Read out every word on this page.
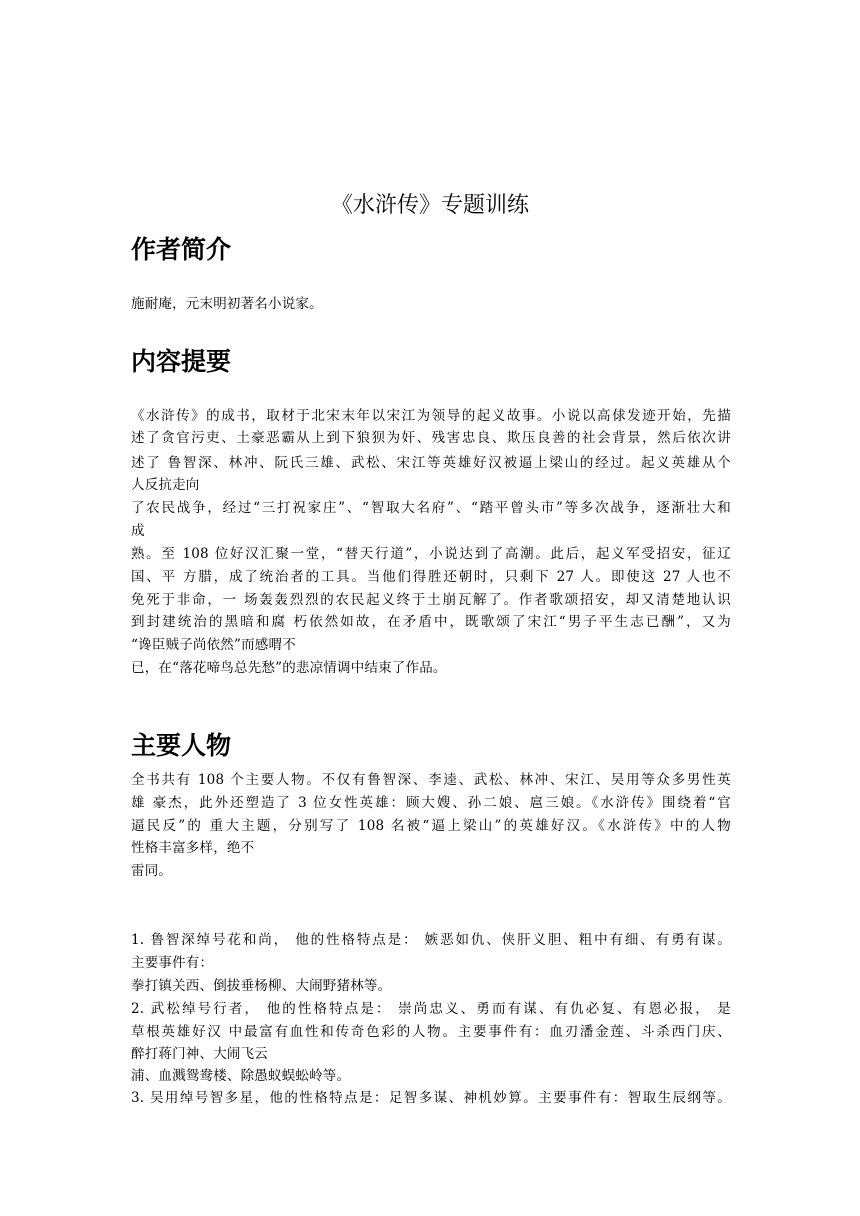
《水浒传》专题训练
作者简介

施耐庵，元末明初著名小说家。

内容提要

《水浒传》的成书，取材于北宋末年以宋江为领导的起义故事。小说以高俅发迹开始，先描

述了贪官污吏、土豪恶霸从上到下狼狈为奸、残害忠良、欺压良善的社会背景，然后依次讲

述了 鲁智深、林冲、阮氏三雄、武松、宋江等英雄好汉被逼上梁山的经过。起义英雄从个

人反抗走向

了农民战争，经过“三打祝家庄”、“智取大名府”、“踏平曾头市”等多次战争，逐渐壮大和

成

熟。至 108 位好汉汇聚一堂，“替天行道”，小说达到了高潮。此后，起义军受招安，征辽

国、平 方腊，成了统治者的工具。当他们得胜还朝时，只剩下 27 人。即使这 27 人也不

免死于非命，一 场轰轰烈烈的农民起义终于土崩瓦解了。作者歌颂招安，却又清楚地认识

到封建统治的黑暗和腐 朽依然如故，在矛盾中，既歌颂了宋江“男子平生志已酬”，又为

“谗臣贼子尚依然”而感喟不

已，在“落花啼鸟总先愁”的悲凉情调中结束了作品。

主要人物

全书共有 108 个主要人物。不仅有鲁智深、李逵、武松、林冲、宋江、吴用等众多男性英

雄 豪杰，此外还塑造了 3 位女性英雄：顾大嫂、孙二娘、扈三娘。《水浒传》围绕着“官

逼民反”的 重大主题，分别写了 108 名被“逼上梁山”的英雄好汉。《水浒传》中的人物

性格丰富多样，绝不

雷同。

1. 鲁智深绰号花和尚， 他的性格特点是： 嫉恶如仇、侠肝义胆、粗中有细、有勇有谋。

主要事件有：

拳打镇关西、倒拔垂杨柳、大闹野猪林等。

2. 武松绰号行者， 他的性格特点是： 崇尚忠义、勇而有谋、有仇必复、有恩必报， 是

草根英雄好汉 中最富有血性和传奇色彩的人物。主要事件有：血刃潘金莲、斗杀西门庆、

醉打蒋门神、大闹飞云

浦、血溅鸳鸯楼、除愚蚁蜈蚣岭等。

3. 吴用绰号智多星，他的性格特点是：足智多谋、神机妙算。主要事件有：智取生辰纲等。
